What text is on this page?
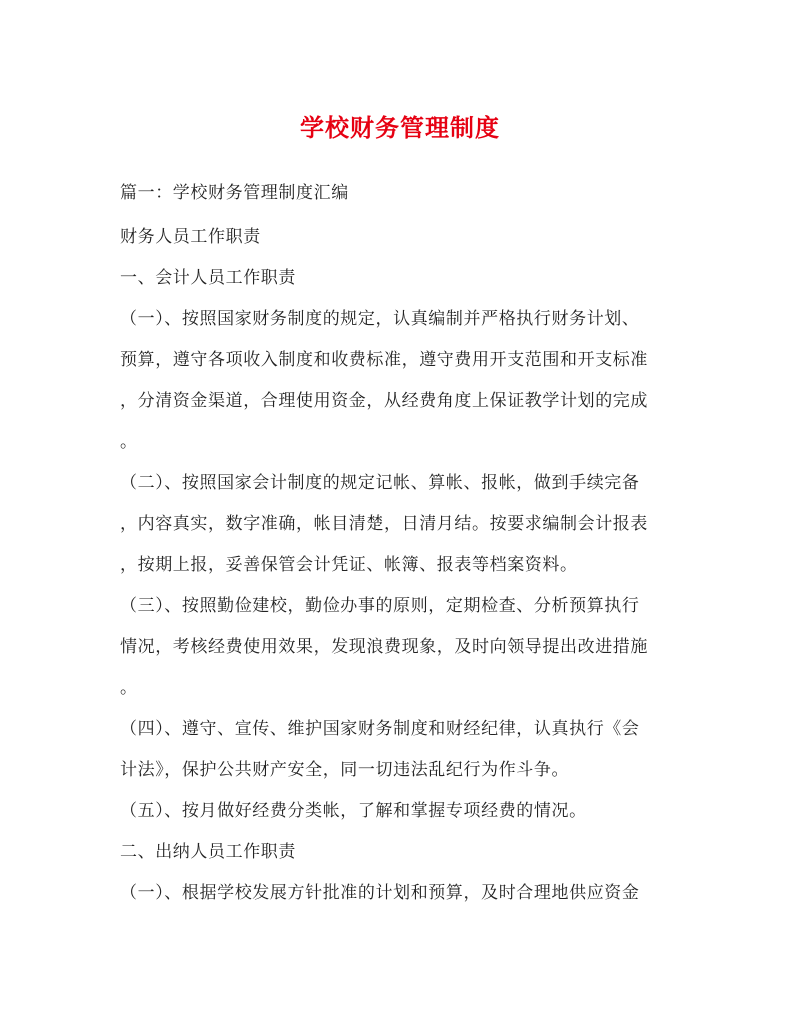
学校财务管理制度
篇一：学校财务管理制度汇编
财务人员工作职责
一、会计人员工作职责
（一）、按照国家财务制度的规定，认真编制并严格执行财务计划、
预算，遵守各项收入制度和收费标准，遵守费用开支范围和开支标准
，分清资金渠道，合理使用资金，从经费角度上保证教学计划的完成
。
（二）、按照国家会计制度的规定记帐、算帐、报帐，做到手续完备
，内容真实，数字准确，帐目清楚，日清月结。按要求编制会计报表
，按期上报，妥善保管会计凭证、帐簿、报表等档案资料。
（三）、按照勤俭建校，勤俭办事的原则，定期检查、分析预算执行
情况，考核经费使用效果，发现浪费现象，及时向领导提出改进措施
。
（四）、遵守、宣传、维护国家财务制度和财经纪律，认真执行《会
计法》，保护公共财产安全，同一切违法乱纪行为作斗争。
（五）、按月做好经费分类帐，了解和掌握专项经费的情况。
二、出纳人员工作职责
（一）、根据学校发展方针批准的计划和预算，及时合理地供应资金
